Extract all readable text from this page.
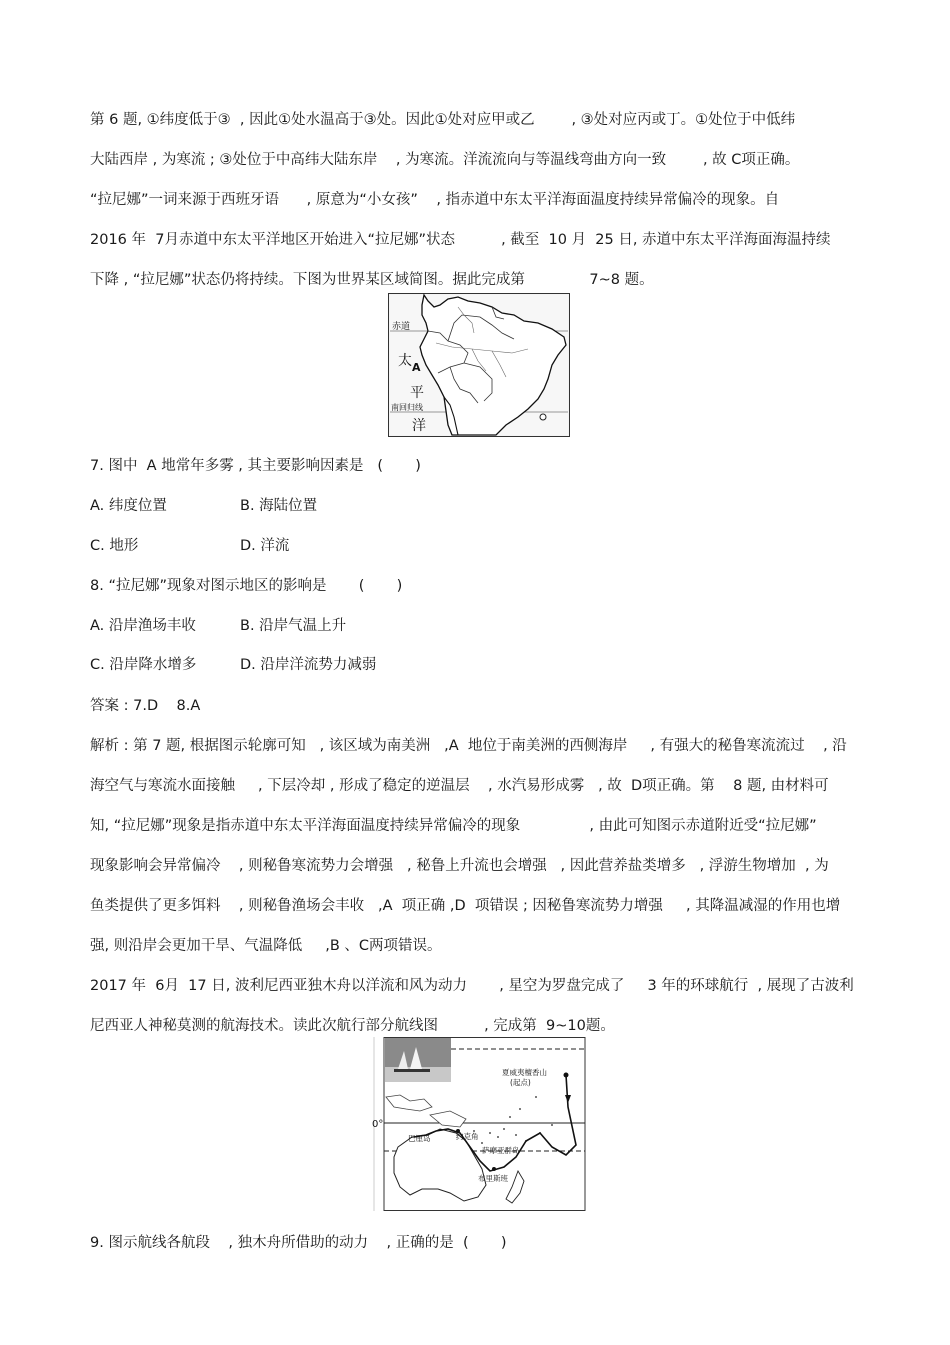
第 6 题, ①纬度低于③  , 因此①处水温高于③处。因此①处对应甲或乙        , ③处对应丙或丁。①处位于中低纬
大陆西岸 , 为寒流 ; ③处位于中高纬大陆东岸    , 为寒流。洋流流向与等温线弯曲方向一致        , 故 C项正确。
“拉尼娜”一词来源于西班牙语      , 原意为“小女孩”    , 指赤道中东太平洋海面温度持续异常偏冷的现象。自
2016 年  7月赤道中东太平洋地区开始进入“拉尼娜”状态          , 截至  10 月  25 日, 赤道中东太平洋海面海温持续
下降 , “拉尼娜”状态仍将持续。下图为世界某区域简图。据此完成第              7~8 题。
赤道
南回归线
太
平
洋
A
7. 图中  A 地常年多雾 , 其主要影响因素是   (       )
A. 纬度位置	B. 海陆位置
C. 地形	D. 洋流
8. “拉尼娜”现象对图示地区的影响是       (       )
A. 沿岸渔场丰收	B. 沿岸气温上升
C. 沿岸降水增多	D. 沿岸洋流势力减弱
答案 : 7.D    8.A
解析 : 第 7 题, 根据图示轮廓可知   , 该区域为南美洲   ,A  地位于南美洲的西侧海岸     , 有强大的秘鲁寒流流过    , 沿
海空气与寒流水面接触     , 下层冷却 , 形成了稳定的逆温层    , 水汽易形成雾   , 故  D项正确。第    8 题, 由材料可
知, “拉尼娜”现象是指赤道中东太平洋海面温度持续异常偏冷的现象               , 由此可知图示赤道附近受“拉尼娜”
现象影响会异常偏冷    , 则秘鲁寒流势力会增强   , 秘鲁上升流也会增强   , 因此营养盐类增多   , 浮游生物增加  , 为
鱼类提供了更多饵料    , 则秘鲁渔场会丰收   ,A  项正确 ,D  项错误 ; 因秘鲁寒流势力增强     , 其降温减湿的作用也增
强, 则沿岸会更加干旱、气温降低     ,B 、C两项错误。
2017 年  6月  17 日, 波利尼西亚独木舟以洋流和风为动力       , 星空为罗盘完成了     3 年的环球航行  , 展现了古波利
尼西亚人神秘莫测的航海技术。读此次航行部分航线图          , 完成第  9~10题。
0°
夏威夷檀香山
(起点)
巴厘岛	约克角
萨摩亚群岛
布里斯班
9. 图示航线各航段    , 独木舟所借助的动力    , 正确的是  (       )
